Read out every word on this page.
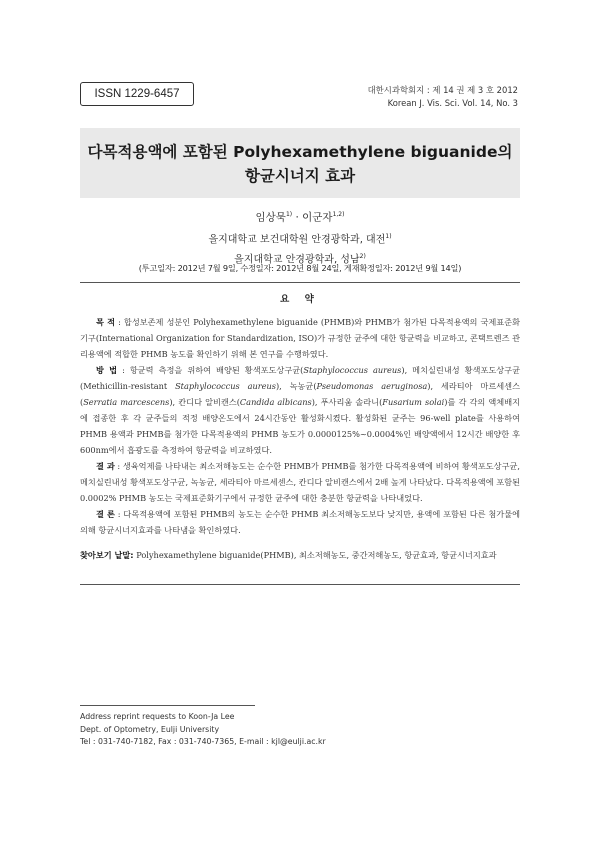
ISSN 1229-6457	대한시과학회지 : 제 14 권 제 3 호 2012
Korean J. Vis. Sci. Vol. 14, No. 3
다목적용액에 포함된 Polyhexamethylene biguanide의
항균시너지 효과
임상묵$^{1)}$ · 이군자$^{1,2)}$
을지대학교 보건대학원 안경광학과, 대전$^{1)}$
을지대학교 안경광학과, 성남$^{2)}$
(투고일자: 2012년 7월 9일, 수정일자: 2012년 8월 24일, 게재확정일자: 2012년 9월 14일)
요 약

목 적 : 합성보존제 성분인 Polyhexamethylene biguanide (PHMB)와 PHMB가 첨가된 다목적용액의 국제표준화기구(International Organization for Standardization, ISO)가 규정한 균주에 대한 항균력을 비교하고, 콘택트렌즈 관리용액에 적합한 PHMB 농도를 확인하기 위해 본 연구를 수행하였다.

방 법 : 항균력 측정을 위하여 배양된 황색포도상구균(Staphylococcus aureus), 메치실린내성 황색포도상구균(Methicillin-resistant Staphylococcus aureus), 녹농균(Pseudomonas aeruginosa), 세라티아 마르세센스(Serratia marcescens), 칸디다 알비캔스(Candida albicans), 푸사리움 솔라니(Fusarium solai)를 각 각의 액체배지에 접종한 후 각 균주들의 적정 배양온도에서 24시간동안 활성화시켰다. 활성화된 균주는 96-well plate를 사용하여 PHMB 용액과 PHMB를 첨가한 다목적용액의 PHMB 농도가 0.0000125%~0.0004%인 배양액에서 12시간 배양한 후 600nm에서 흡광도를 측정하여 항균력을 비교하였다.

결 과 : 생육억제를 나타내는 최소저해농도는 순수한 PHMB가 PHMB를 첨가한 다목적용액에 비하여 황색포도상구균, 메치실린내성 황색포도상구균, 녹농균, 세라티아 마르세센스, 칸디다 알비캔스에서 2배 높게 나타났다. 다목적용액에 포함된 0.0002% PHMB 농도는 국제표준화기구에서 규정한 균주에 대한 충분한 항균력을 나타내었다.

결 론 : 다목적용액에 포함된 PHMB의 농도는 순수한 PHMB 최소저해농도보다 낮지만, 용액에 포함된 다른 첨가물에 의해 항균시너지효과를 나타냄을 확인하였다.

찾아보기 낱말: Polyhexamethylene biguanide(PHMB), 최소저해농도, 중간저해농도, 항균효과, 항균시너지효과
Address reprint requests to Koon-Ja Lee
Dept. of Optometry, Eulji University
Tel : 031-740-7182, Fax : 031-740-7365, E-mail : kjl@eulji.ac.kr
